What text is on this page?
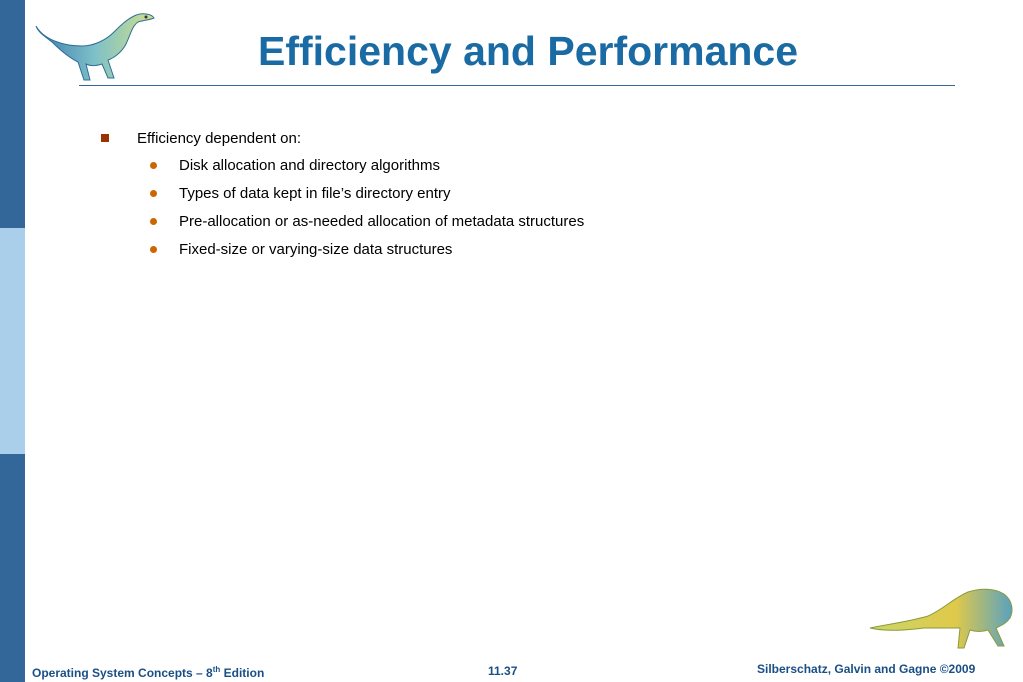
Efficiency and Performance
Efficiency dependent on:
Disk allocation and directory algorithms
Types of data kept in file’s directory entry
Pre-allocation or as-needed allocation of metadata structures
Fixed-size or varying-size data structures
Operating System Concepts – 8th Edition	11.37	Silberschatz, Galvin and Gagne ©2009
